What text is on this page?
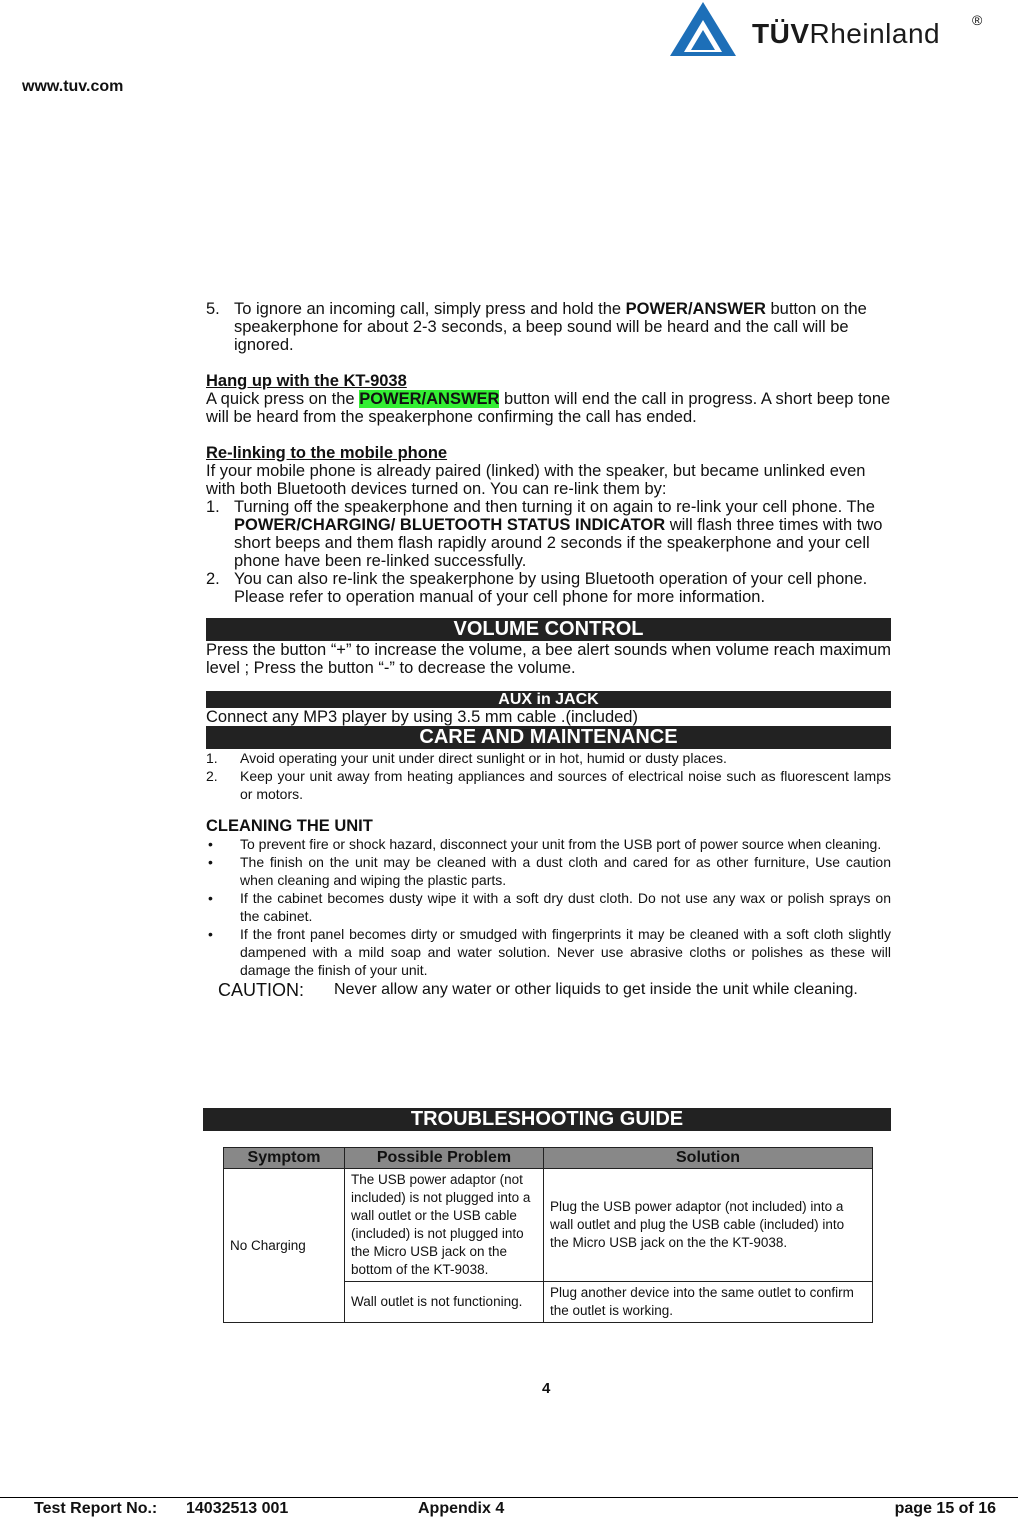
www.tuv.com
TÜVRheinland ®
5. To ignore an incoming call, simply press and hold the POWER/ANSWER button on the speakerphone for about 2-3 seconds, a beep sound will be heard and the call will be ignored.
Hang up with the KT-9038
A quick press on the POWER/ANSWER button will end the call in progress. A short beep tone will be heard from the speakerphone confirming the call has ended.
Re-linking to the mobile phone
If your mobile phone is already paired (linked) with the speaker, but became unlinked even with both Bluetooth devices turned on. You can re-link them by:
1. Turning off the speakerphone and then turning it on again to re-link your cell phone. The POWER/CHARGING/ BLUETOOTH STATUS INDICATOR will flash three times with two short beeps and them flash rapidly around 2 seconds if the speakerphone and your cell phone have been re-linked successfully.
2. You can also re-link the speakerphone by using Bluetooth operation of your cell phone. Please refer to operation manual of your cell phone for more information.
VOLUME CONTROL
Press the button “+” to increase the volume, a bee alert sounds when volume reach maximum level ; Press the button “-” to decrease the volume.
AUX in JACK
Connect any MP3 player by using 3.5 mm cable .(included)
CARE AND MAINTENANCE
1. Avoid operating your unit under direct sunlight or in hot, humid or dusty places.
2. Keep your unit away from heating appliances and sources of electrical noise such as fluorescent lamps or motors.
CLEANING THE UNIT
• To prevent fire or shock hazard, disconnect your unit from the USB port of power source when cleaning.
• The finish on the unit may be cleaned with a dust cloth and cared for as other furniture, Use caution when cleaning and wiping the plastic parts.
• If the cabinet becomes dusty wipe it with a soft dry dust cloth. Do not use any wax or polish sprays on the cabinet.
• If the front panel becomes dirty or smudged with fingerprints it may be cleaned with a soft cloth slightly dampened with a mild soap and water solution. Never use abrasive cloths or polishes as these will damage the finish of your unit.
CAUTION: Never allow any water or other liquids to get inside the unit while cleaning.
TROUBLESHOOTING GUIDE
Symptom	Possible Problem	Solution
No Charging	The USB power adaptor (not included) is not plugged into a wall outlet or the USB cable (included) is not plugged into the Micro USB jack on the bottom of the KT-9038.	Plug the USB power adaptor (not included) into a wall outlet and plug the USB cable (included) into the Micro USB jack on the the KT-9038.
	Wall outlet is not functioning.	Plug another device into the same outlet to confirm the outlet is working.
4
Test Report No.: 14032513 001	Appendix 4	page 15 of 16
